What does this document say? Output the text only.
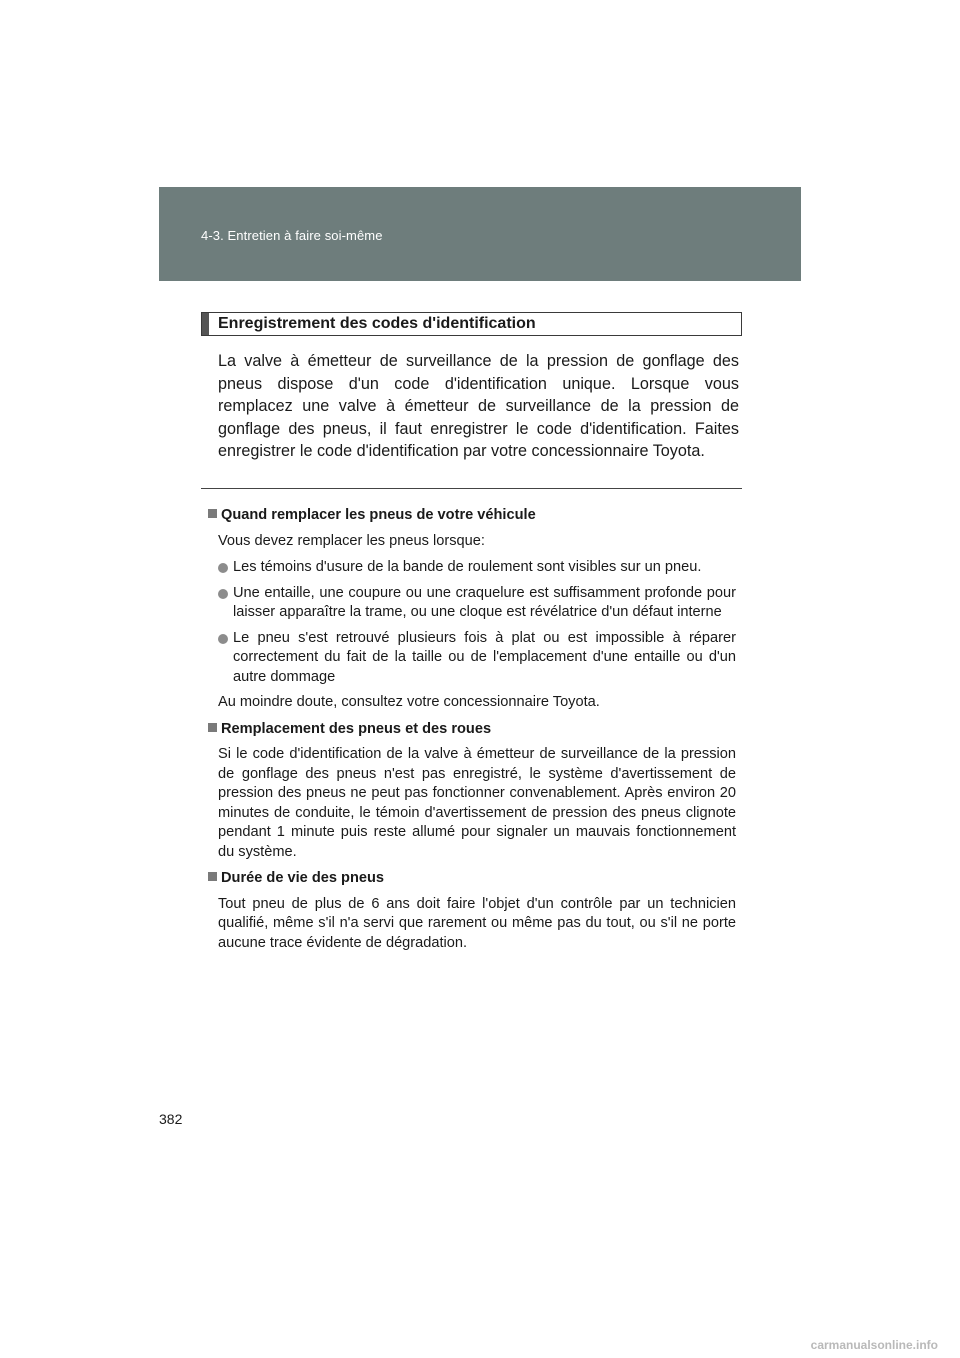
4-3. Entretien à faire soi-même
Enregistrement des codes d'identification

La valve à émetteur de surveillance de la pression de gonflage des pneus dispose d'un code d'identification unique. Lorsque vous remplacez une valve à émetteur de surveillance de la pression de gonflage des pneus, il faut enregistrer le code d'identification. Faites enregistrer le code d'identification par votre concessionnaire Toyota.

Quand remplacer les pneus de votre véhicule

Vous devez remplacer les pneus lorsque:

Les témoins d'usure de la bande de roulement sont visibles sur un pneu.
Une entaille, une coupure ou une craquelure est suffisamment profonde pour laisser apparaître la trame, ou une cloque est révélatrice d'un défaut interne
Le pneu s'est retrouvé plusieurs fois à plat ou est impossible à réparer correctement du fait de la taille ou de l'emplacement d'une entaille ou d'un autre dommage

Au moindre doute, consultez votre concessionnaire Toyota.

Remplacement des pneus et des roues

Si le code d'identification de la valve à émetteur de surveillance de la pression de gonflage des pneus n'est pas enregistré, le système d'avertissement de pression des pneus ne peut pas fonctionner convenablement. Après environ 20 minutes de conduite, le témoin d'avertissement de pression des pneus clignote pendant 1 minute puis reste allumé pour signaler un mauvais fonctionnement du système.

Durée de vie des pneus

Tout pneu de plus de 6 ans doit faire l'objet d'un contrôle par un technicien qualifié, même s'il n'a servi que rarement ou même pas du tout, ou s'il ne porte aucune trace évidente de dégradation.

382
carmanualsonline.info
